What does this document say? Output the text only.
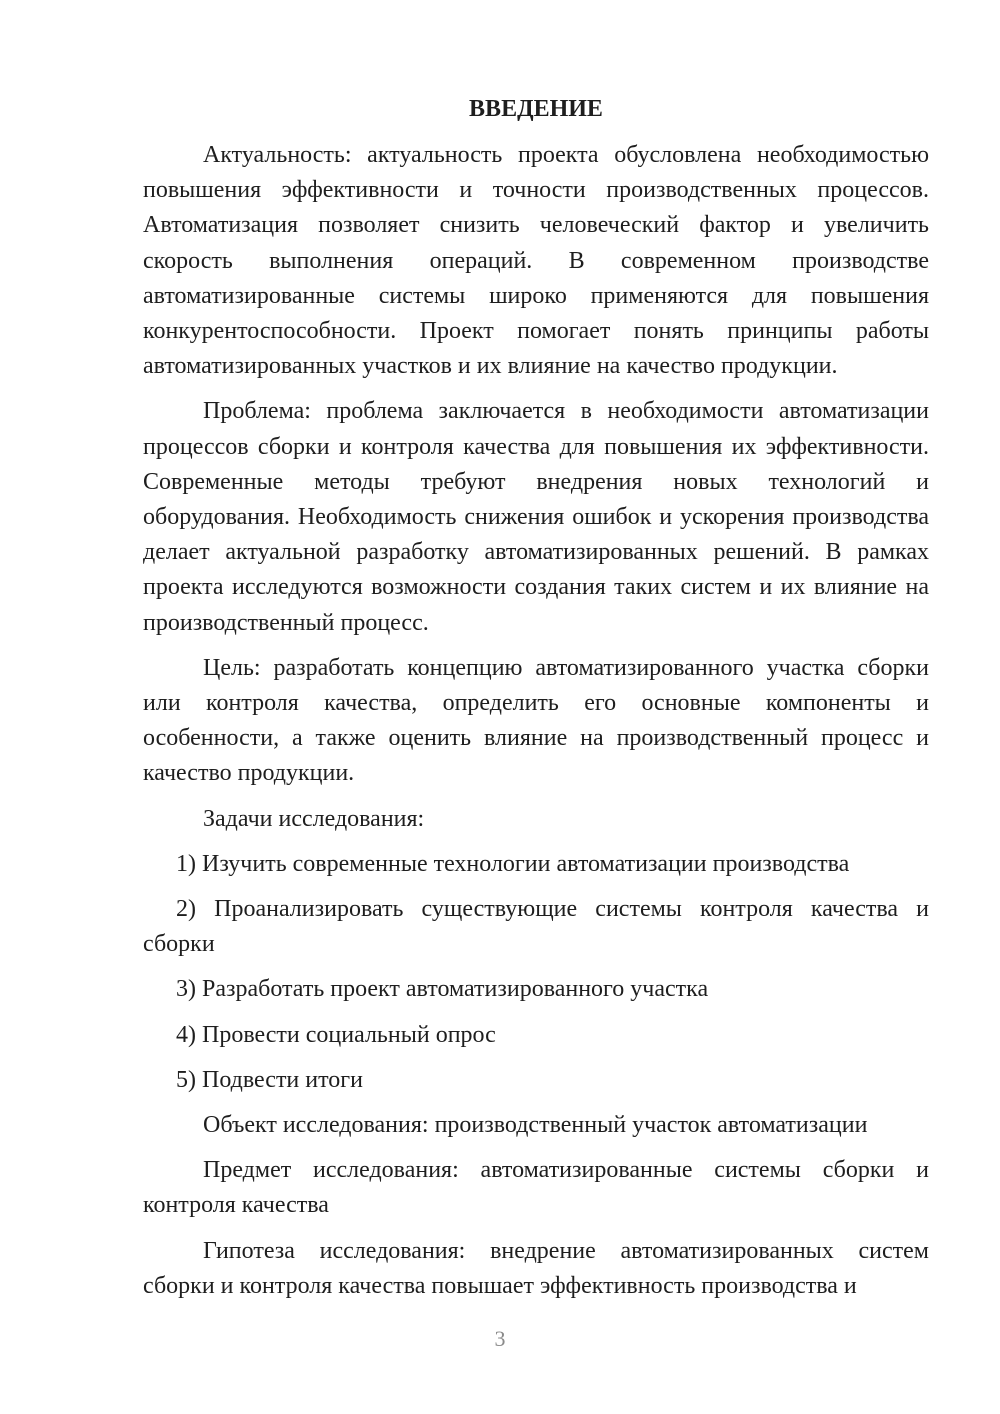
ВВЕДЕНИЕ

Актуальность: актуальность проекта обусловлена необходимостью повышения эффективности и точности производственных процессов. Автоматизация позволяет снизить человеческий фактор и увеличить скорость выполнения операций. В современном производстве автоматизированные системы широко применяются для повышения конкурентоспособности. Проект помогает понять принципы работы автоматизированных участков и их влияние на качество продукции.

Проблема: проблема заключается в необходимости автоматизации процессов сборки и контроля качества для повышения их эффективности. Современные методы требуют внедрения новых технологий и оборудования. Необходимость снижения ошибок и ускорения производства делает актуальной разработку автоматизированных решений. В рамках проекта исследуются возможности создания таких систем и их влияние на производственный процесс.

Цель: разработать концепцию автоматизированного участка сборки или контроля качества, определить его основные компоненты и особенности, а также оценить влияние на производственный процесс и качество продукции.

Задачи исследования:

1) Изучить современные технологии автоматизации производства

2) Проанализировать существующие системы контроля качества и сборки

3) Разработать проект автоматизированного участка

4) Провести социальный опрос

5) Подвести итоги

Объект исследования: производственный участок автоматизации

Предмет исследования: автоматизированные системы сборки и контроля качества

Гипотеза исследования: внедрение автоматизированных систем сборки и контроля качества повышает эффективность производства и

3
